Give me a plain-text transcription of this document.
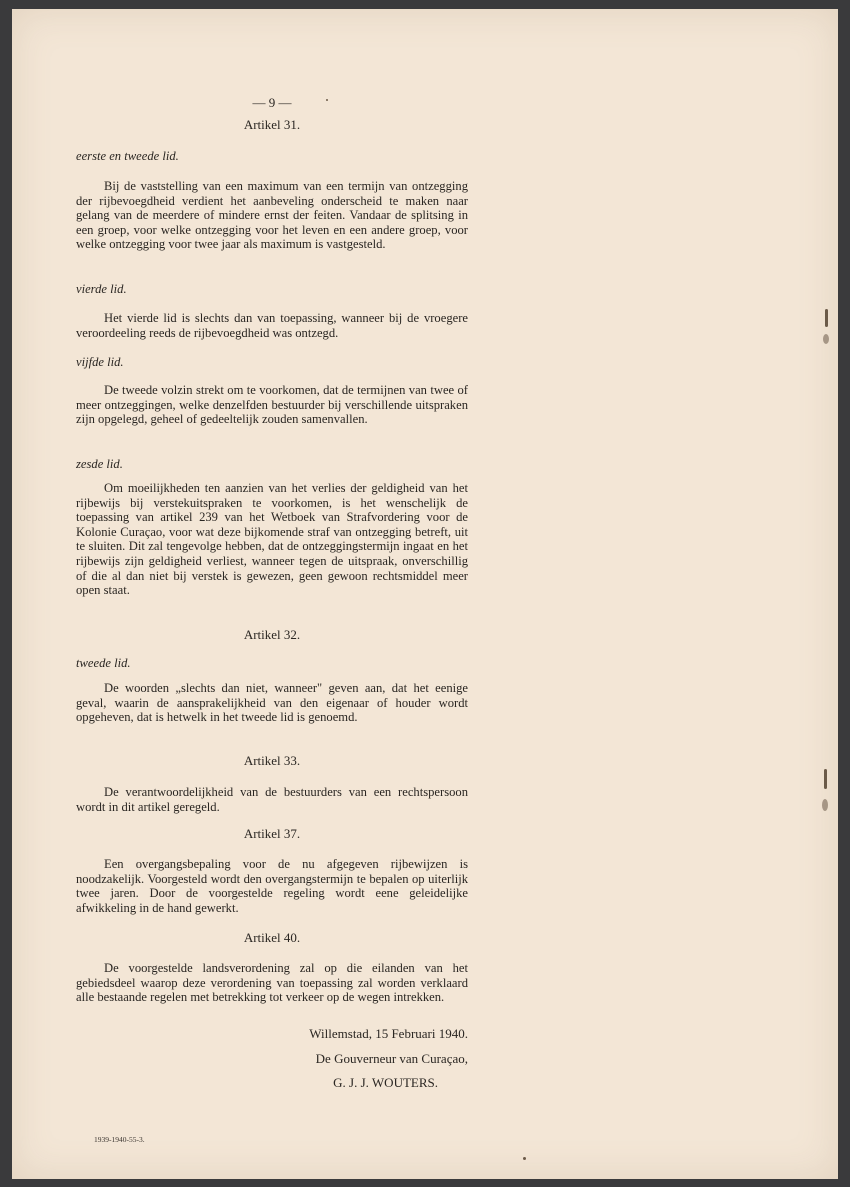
— 9 —
Artikel 31.
eerste en tweede lid.

Bij de vaststelling van een maximum van een termijn van ontzegging der rijbevoegdheid verdient het aanbeveling onderscheid te maken naar gelang van de meerdere of mindere ernst der feiten. Vandaar de splitsing in een groep, voor welke ontzegging voor het leven en een andere groep, voor welke ontzegging voor twee jaar als maximum is vastgesteld.

vierde lid.

Het vierde lid is slechts dan van toepassing, wanneer bij de vroegere veroordeeling reeds de rijbevoegdheid was ontzegd.

vijfde lid.

De tweede volzin strekt om te voorkomen, dat de termijnen van twee of meer ontzeggingen, welke denzelfden bestuurder bij verschillende uitspraken zijn opgelegd, geheel of gedeeltelijk zouden samenvallen.

zesde lid.

Om moeilijkheden ten aanzien van het verlies der geldigheid van het rijbewijs bij verstekuitspraken te voorkomen, is het wenschelijk de toepassing van artikel 239 van het Wetboek van Strafvordering voor de Kolonie Curaçao, voor wat deze bijkomende straf van ontzegging betreft, uit te sluiten. Dit zal tengevolge hebben, dat de ontzeggingstermijn ingaat en het rijbewijs zijn geldigheid verliest, wanneer tegen de uitspraak, onverschillig of die al dan niet bij verstek is gewezen, geen gewoon rechtsmiddel meer open staat.

Artikel 32.
tweede lid.

De woorden „slechts dan niet, wanneer" geven aan, dat het eenige geval, waarin de aansprakelijkheid van den eigenaar of houder wordt opgeheven, dat is hetwelk in het tweede lid is genoemd.

Artikel 33.

De verantwoordelijkheid van de bestuurders van een rechtspersoon wordt in dit artikel geregeld.

Artikel 37.

Een overgangsbepaling voor de nu afgegeven rijbewijzen is noodzakelijk. Voorgesteld wordt den overgangstermijn te bepalen op uiterlijk twee jaren. Door de voorgestelde regeling wordt eene geleidelijke afwikkeling in de hand gewerkt.

Artikel 40.

De voorgestelde landsverordening zal op die eilanden van het gebiedsdeel waarop deze verordening van toepassing zal worden verklaard alle bestaande regelen met betrekking tot verkeer op de wegen intrekken.

Willemstad, 15 Februari 1940.
De Gouverneur van Curaçao,
G. J. J. WOUTERS.
1939-1940-55-3.
